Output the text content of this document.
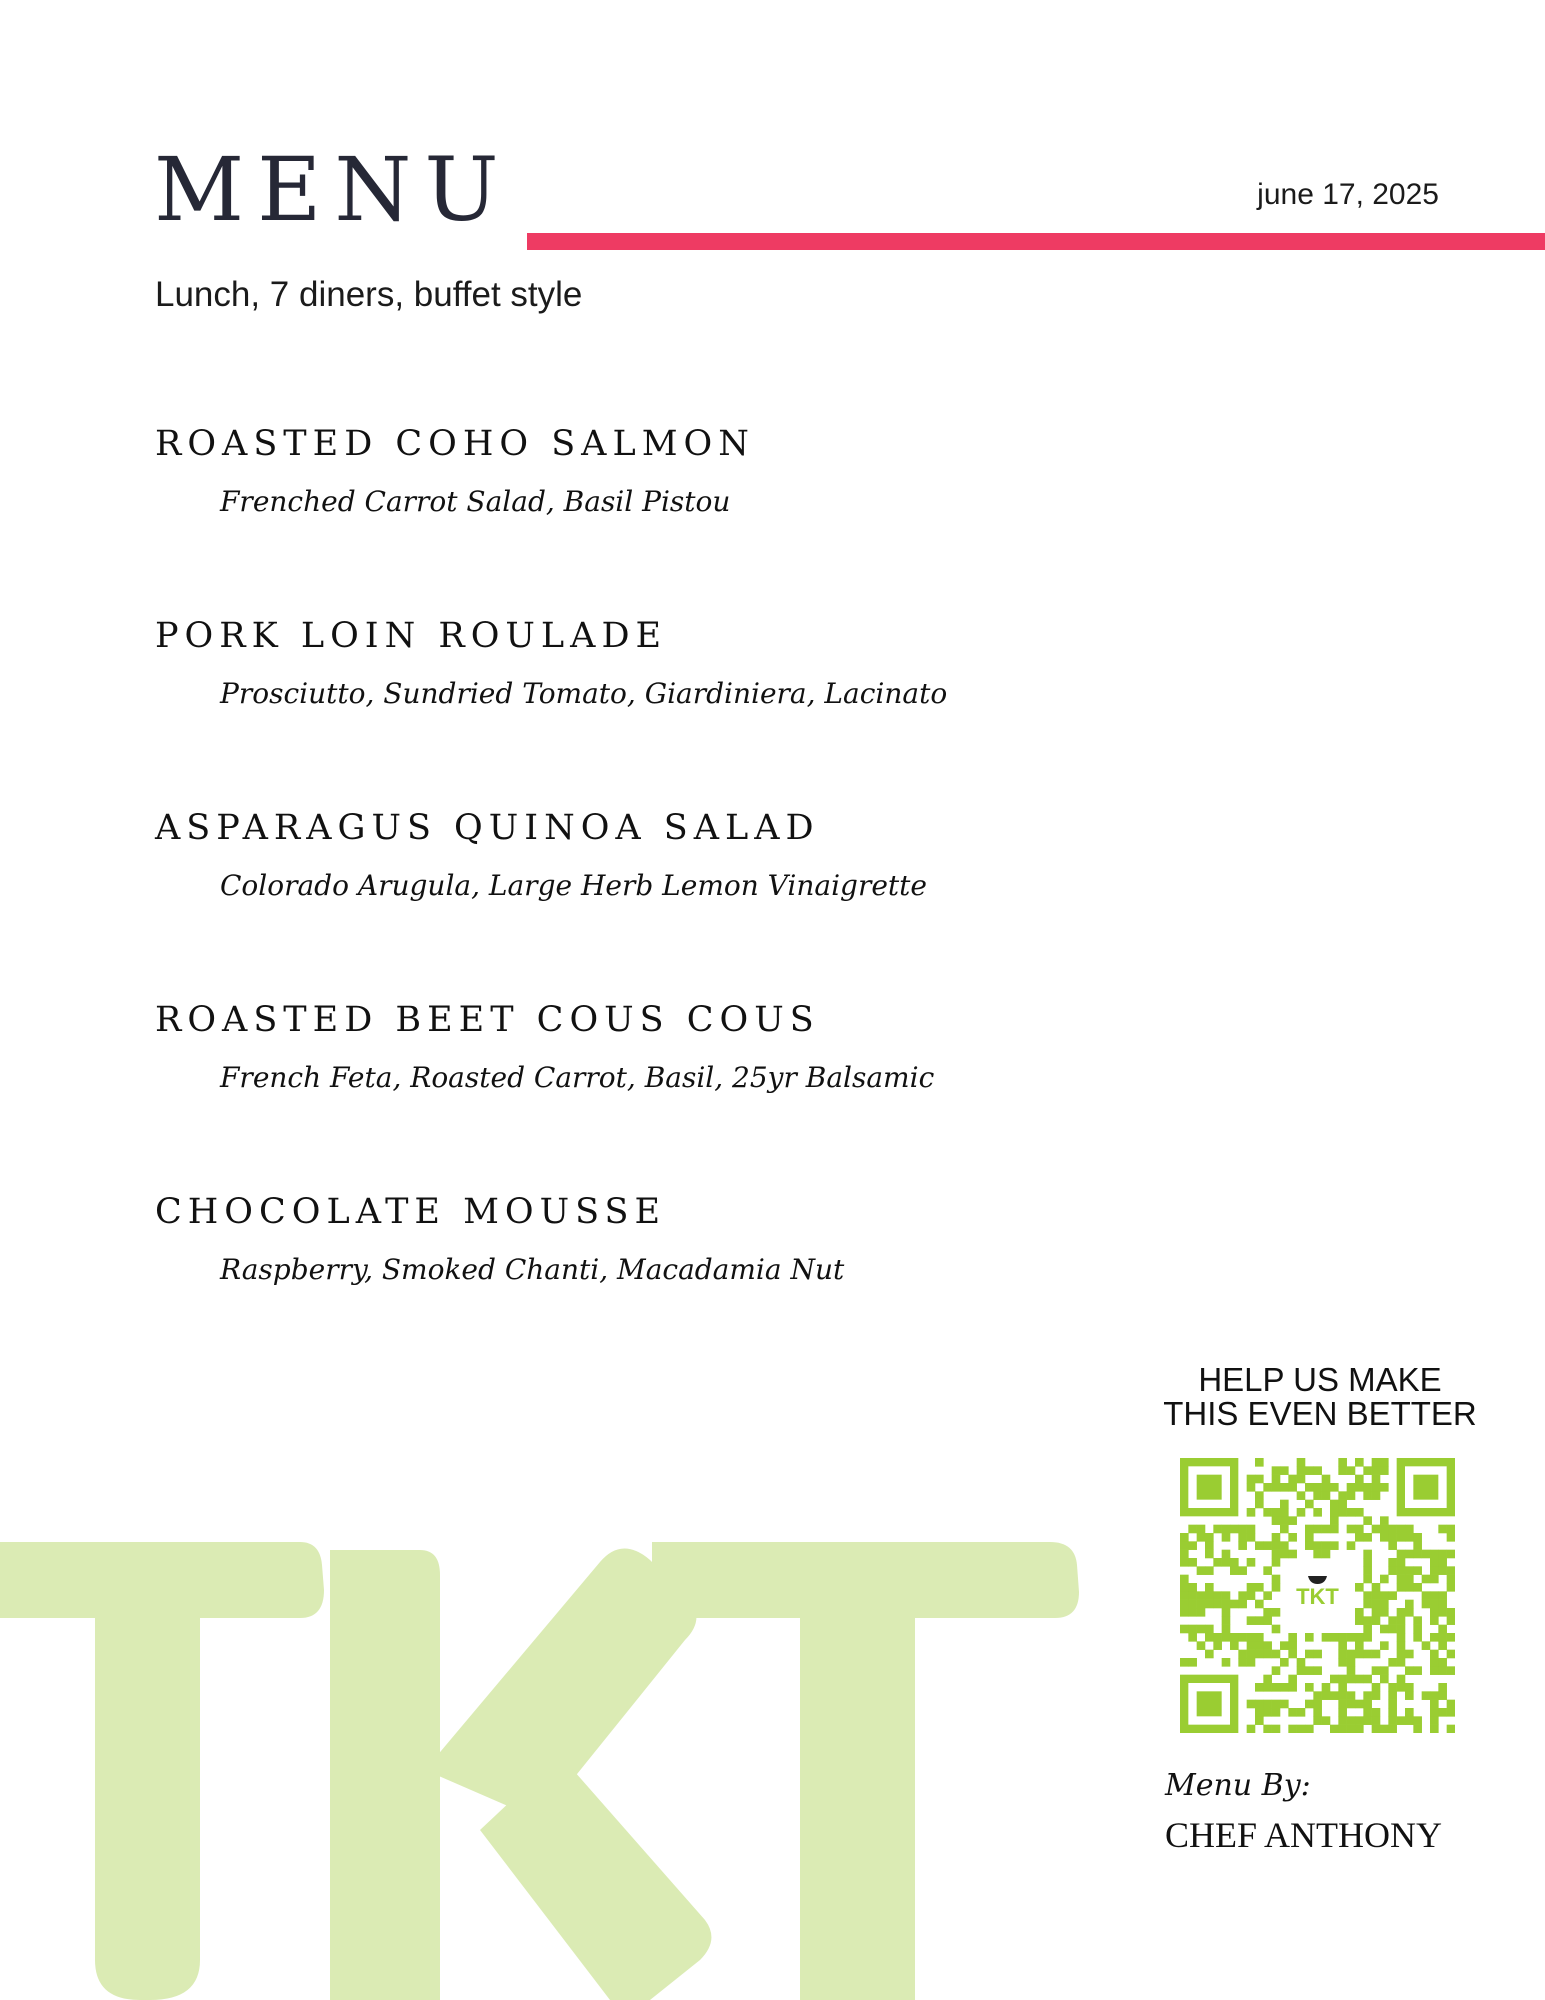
MENU	june 17, 2025
Lunch, 7 diners, buffet style
ROASTED COHO SALMON
Frenched Carrot Salad, Basil Pistou
PORK LOIN ROULADE
Prosciutto, Sundried Tomato, Giardiniera, Lacinato
ASPARAGUS QUINOA SALAD
Colorado Arugula, Large Herb Lemon Vinaigrette
ROASTED BEET COUS COUS
French Feta, Roasted Carrot, Basil, 25yr Balsamic
CHOCOLATE MOUSSE
Raspberry, Smoked Chanti, Macadamia Nut
HELP US MAKE
THIS EVEN BETTER
TKT
Menu By:
CHEF ANTHONY
